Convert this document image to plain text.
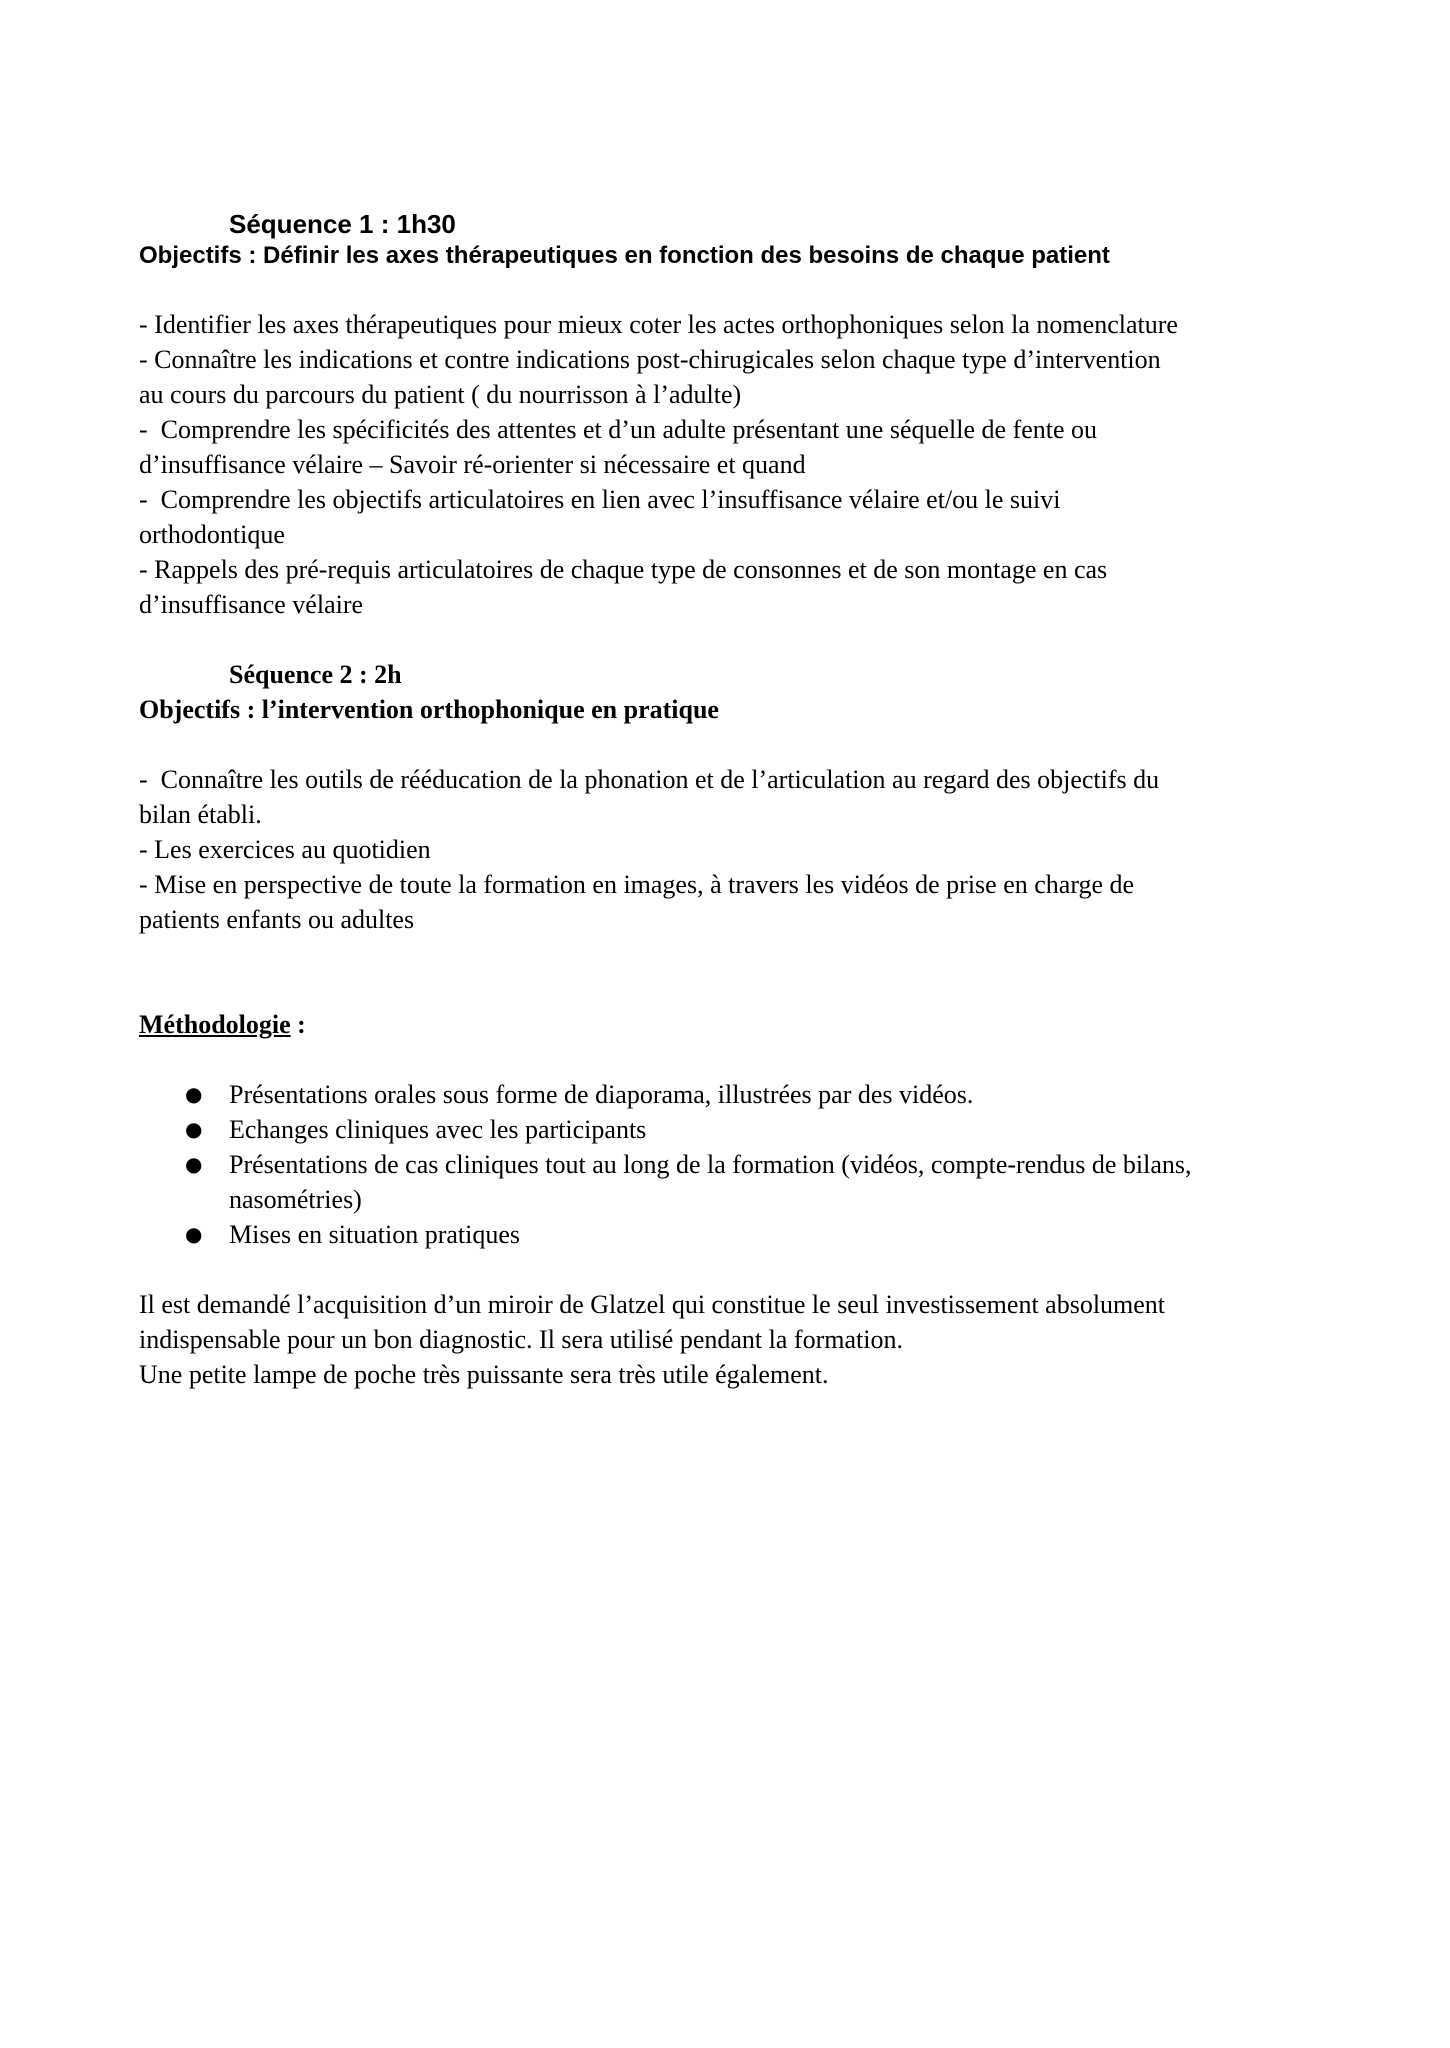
Séquence 1 : 1h30
Objectifs : Définir les axes thérapeutiques en fonction des besoins de chaque patient
- Identifier les axes thérapeutiques pour mieux coter les actes orthophoniques selon la nomenclature
- Connaître les indications et contre indications post-chirugicales selon chaque type d’intervention
au cours du parcours du patient ( du nourrisson à l’adulte)
-  Comprendre les spécificités des attentes et d’un adulte présentant une séquelle de fente ou
d’insuffisance vélaire – Savoir ré-orienter si nécessaire et quand
-  Comprendre les objectifs articulatoires en lien avec l’insuffisance vélaire et/ou le suivi
orthodontique
- Rappels des pré-requis articulatoires de chaque type de consonnes et de son montage en cas
d’insuffisance vélaire
Séquence 2 : 2h
Objectifs : l’intervention orthophonique en pratique
-  Connaître les outils de rééducation de la phonation et de l’articulation au regard des objectifs du
bilan établi.
- Les exercices au quotidien
- Mise en perspective de toute la formation en images, à travers les vidéos de prise en charge de
patients enfants ou adultes
Méthodologie :
● Présentations orales sous forme de diaporama, illustrées par des vidéos.
● Echanges cliniques avec les participants
● Présentations de cas cliniques tout au long de la formation (vidéos, compte-rendus de bilans,
nasométries)
● Mises en situation pratiques
Il est demandé l’acquisition d’un miroir de Glatzel qui constitue le seul investissement absolument
indispensable pour un bon diagnostic. Il sera utilisé pendant la formation.
Une petite lampe de poche très puissante sera très utile également.
